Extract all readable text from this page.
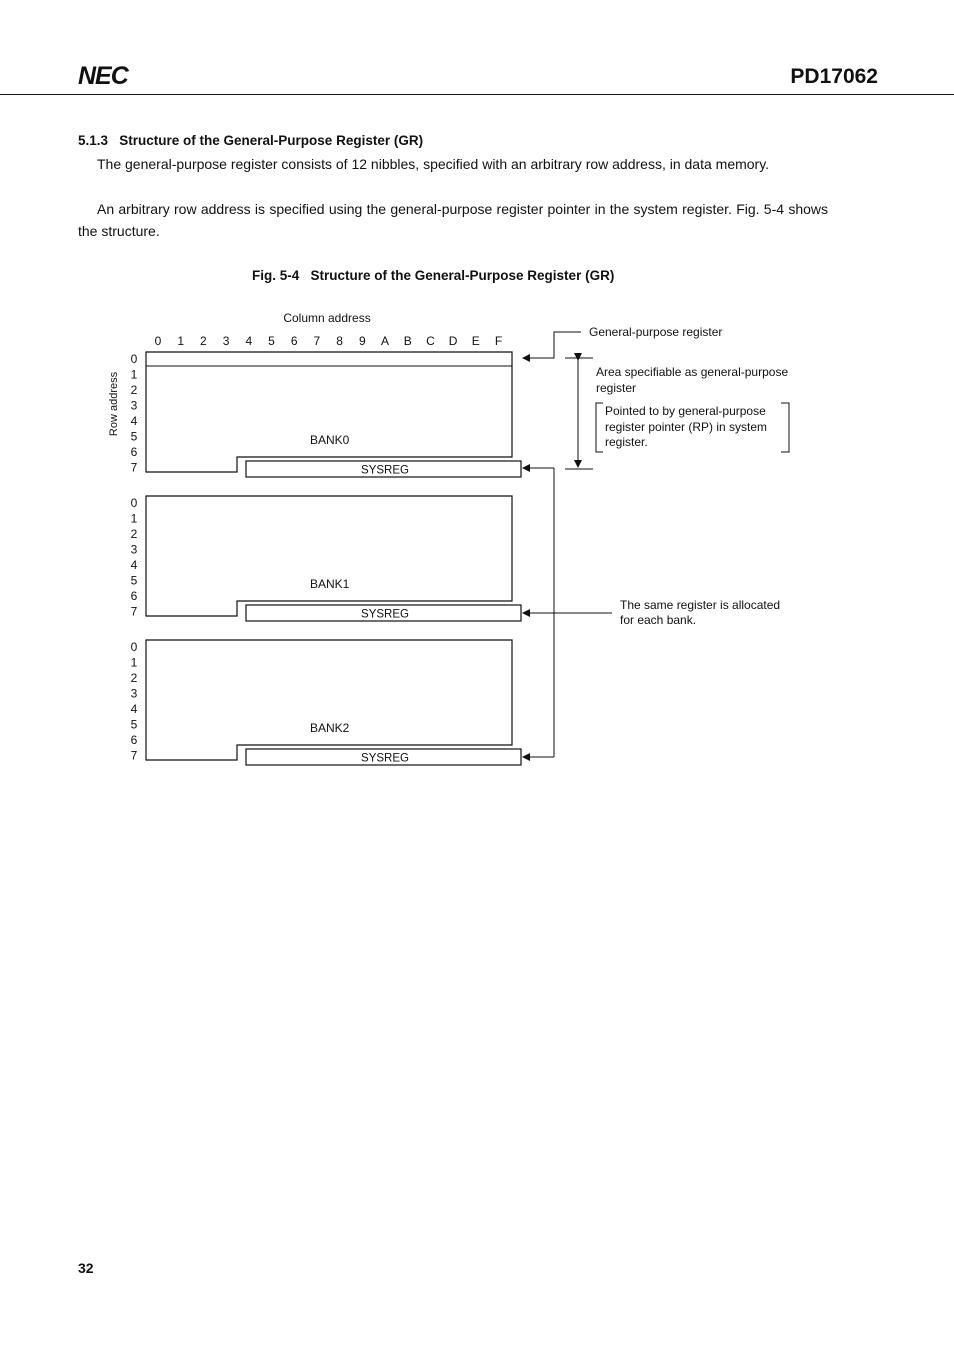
NEC	PD17062
5.1.3   Structure of the General-Purpose Register (GR)
The general-purpose register consists of 12 nibbles, specified with an arbitrary row address, in data memory.
An arbitrary row address is specified using the general-purpose register pointer in the system register. Fig. 5-4 shows the structure.
Fig. 5-4   Structure of the General-Purpose Register (GR)
Column address
Row address
0 1 2 3 4 5 6 7 8 9 A B C D E F
0
1
2
3
4
5
6
7
BANK0
SYSREG
0
1
2
3
4
5
6
7
BANK1
SYSREG
0
1
2
3
4
5
6
7
BANK2
SYSREG
General-purpose register
Area specifiable as general-purpose
register
Pointed to by general-purpose
register pointer (RP) in system
register.
The same register is allocated
for each bank.
32
